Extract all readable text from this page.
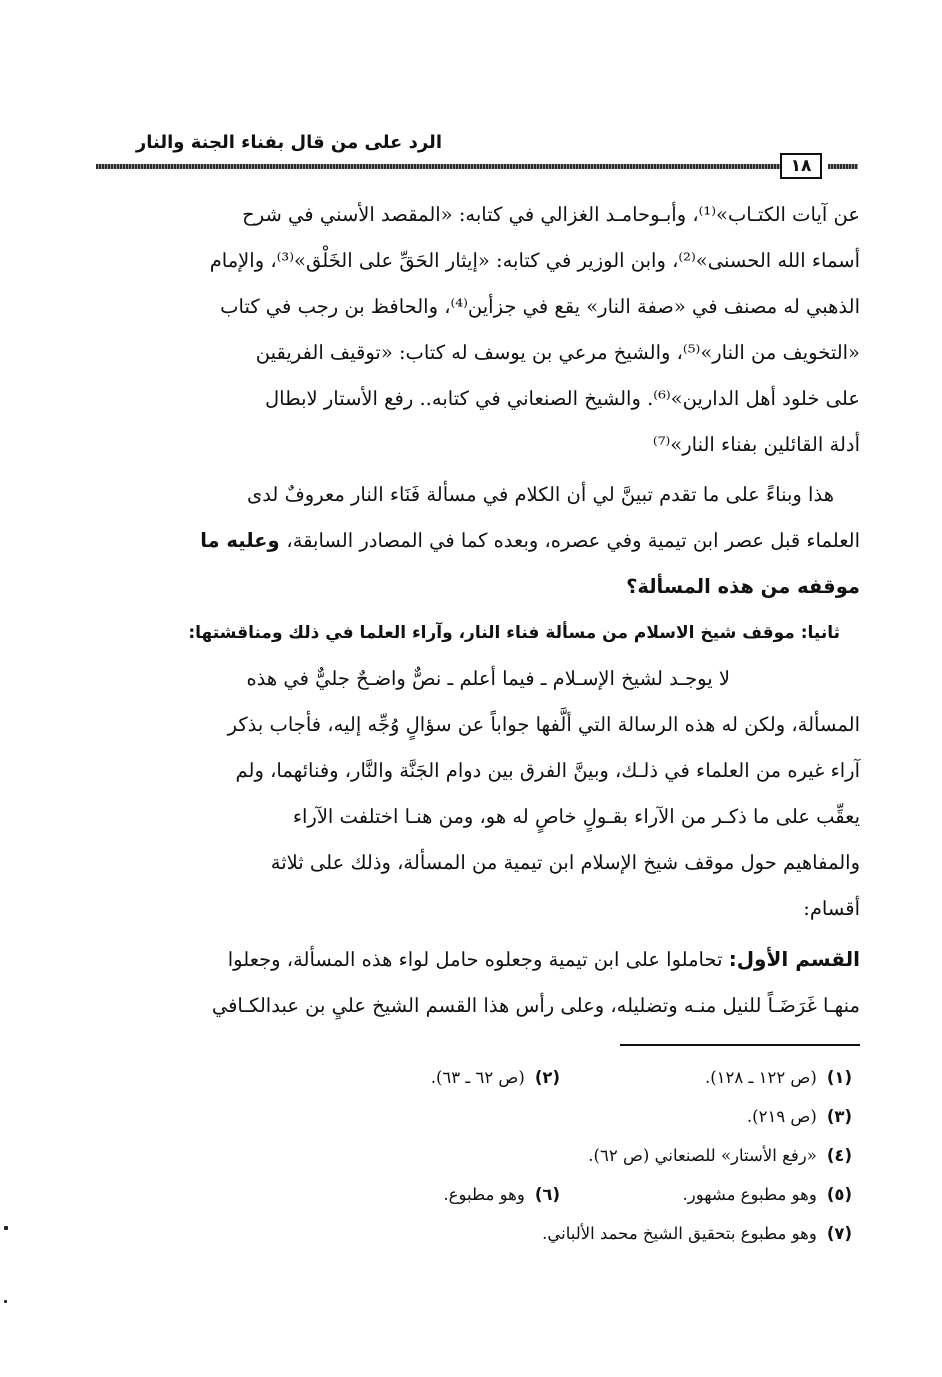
الرد على من قال بفناء الجنة والنار
١٨

عن آيات الكتـاب»⁽¹⁾، وأبـوحامـد الغزالي في كتابه: «المقصد الأسني في شرح
أسماء الله الحسنى»⁽²⁾، وابن الوزير في كتابه: «إيثار الحَقِّ على الخَلْق»⁽³⁾، والإمام
الذهبي له مصنف في «صفة النار» يقع في جزأين⁽⁴⁾، والحافظ بن رجب في كتاب
«التخويف من النار»⁽⁵⁾، والشيخ مرعي بن يوسف له كتاب: «توقيف الفريقين
على خلود أهل الدارين»⁽⁶⁾. والشيخ الصنعاني في كتابه.. رفع الأستار لابطال
أدلة القائلين بفناء النار»⁽⁷⁾

هذا وبناءً على ما تقدم تبينَّ لي أن الكلام في مسألة فَنَاء النار معروفٌ لدى
العلماء قبل عصر ابن تيمية وفي عصره، وبعده كما في المصادر السابقة، وعليه ما
موقفه من هذه المسألة؟

ثانيا: موقف شيخ الاسلام من مسألة فناء النار، وآراء العلما في ذلك ومناقشتها:

لا يوجـد لشيخ الإسـلام ـ فيما أعلم ـ نصٌّ واضـحٌ جليٌّ في هذه
المسألة، ولكن له هذه الرسالة التي ألَّفها جواباً عن سؤالٍ وُجِّه إليه، فأجاب بذكر
آراء غيره من العلماء في ذلـك، وبينَّ الفرق بين دوام الجَنَّة والنَّار، وفنائهما، ولم
يعقِّب على ما ذكـر من الآراء بقـولٍ خاصٍ له هو، ومن هنـا اختلفت الآراء
والمفاهيم حول موقف شيخ الإسلام ابن تيمية من المسألة، وذلك على ثلاثة
أقسام:

القسم الأول: تحاملوا على ابن تيمية وجعلوه حامل لواء هذه المسألة، وجعلوا
منهـا غَرَضَـاً للنيل منـه وتضليله، وعلى رأس هذا القسم الشيخ عليِ بن عبدالكـافي

(١)(ص ١٢٢ ـ ١٢٨).
(٢)(ص ٦٢ ـ ٦٣).
(٣)(ص ٢١٩).
(٤)«رفع الأستار» للصنعاني (ص ٦٢).
(٥)وهو مطبوع مشهور.
(٦)وهو مطبوع.
(٧)وهو مطبوع بتحقيق الشيخ محمد الألباني.
